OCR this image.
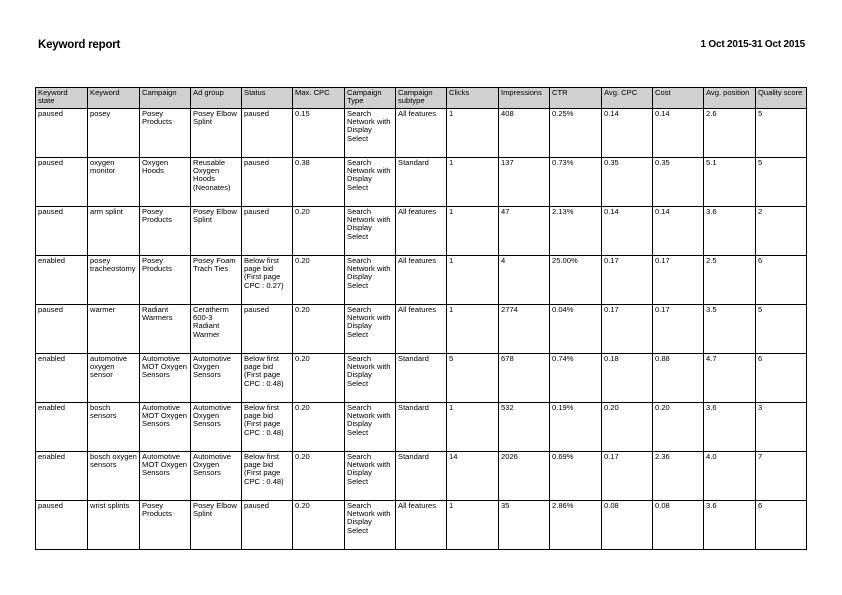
Keyword report	1 Oct 2015-31 Oct 2015
Keyword state	Keyword	Campaign	Ad group	Status	Max. CPC	Campaign Type	Campaign subtype	Clicks	Impressions	CTR	Avg. CPC	Cost	Avg. position	Quality score
paused	posey	Posey Products	Posey Elbow Splint	paused	0.15	Search Network with Display Select	All features	1	408	0.25%	0.14	0.14	2.6	5
paused	oxygen monitor	Oxygen Hoods	Reusable Oxygen Hoods (Neonates)	paused	0.38	Search Network with Display Select	Standard	1	137	0.73%	0.35	0.35	5.1	5
paused	arm splint	Posey Products	Posey Elbow Splint	paused	0.20	Search Network with Display Select	All features	1	47	2.13%	0.14	0.14	3.6	2
enabled	posey tracheostomy	Posey Products	Posey Foam Trach Ties	Below first page bid (First page CPC : 0.27)	0.20	Search Network with Display Select	All features	1	4	25.00%	0.17	0.17	2.5	6
paused	warmer	Radiant Warmers	Ceratherm 600-3 Radiant Warmer	paused	0.20	Search Network with Display Select	All features	1	2774	0.04%	0.17	0.17	3.5	5
enabled	automotive oxygen sensor	Automotive MOT Oxygen Sensors	Automotive Oxygen Sensors	Below first page bid (First page CPC : 0.48)	0.20	Search Network with Display Select	Standard	5	678	0.74%	0.18	0.88	4.7	6
enabled	bosch sensors	Automotive MOT Oxygen Sensors	Automotive Oxygen Sensors	Below first page bid (First page CPC : 0.48)	0.20	Search Network with Display Select	Standard	1	532	0.19%	0.20	0.20	3.6	3
enabled	bosch oxygen sensors	Automotive MOT Oxygen Sensors	Automotive Oxygen Sensors	Below first page bid (First page CPC : 0.48)	0.20	Search Network with Display Select	Standard	14	2026	0.69%	0.17	2.36	4.0	7
paused	wrist splints	Posey Products	Posey Elbow Splint	paused	0.20	Search Network with Display Select	All features	1	35	2.86%	0.08	0.08	3.6	6
